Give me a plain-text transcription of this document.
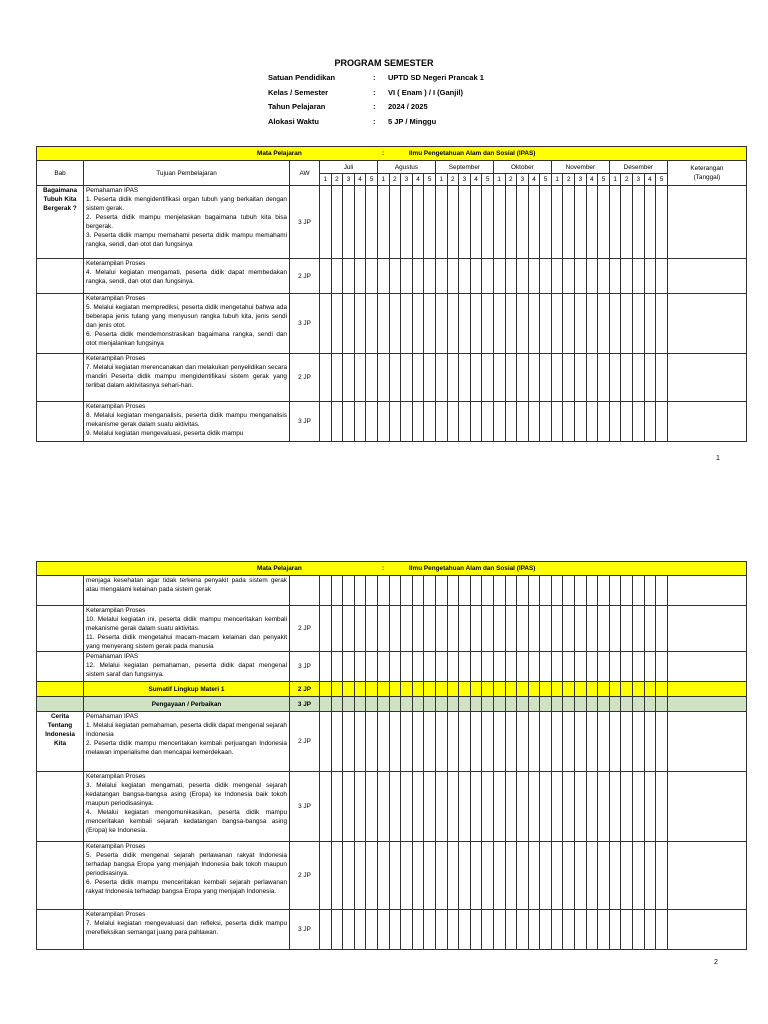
PROGRAM SEMESTER
Satuan Pendidikan	:	UPTD SD Negeri Prancak 1
Kelas / Semester	:	VI ( Enam ) / I (Ganjil)
Tahun Pelajaran	:	2024 / 2025
Alokasi Waktu	:	5 JP / Minggu
Mata Pelajaran : Ilmu Pengetahuan Alam dan Sosial (IPAS)																																	

Bab	Tujuan Pembelajaran	AW	Juli					Agustus					September					Oktober					November					Desember					Keterangan
(Tanggal)

			1	2	3	4	5	1	2	3	4	5	1	2	3	4	5	1	2	3	4	5	1	2	3	4	5	1	2	3	4	5	
Bagaimana Tubuh Kita Bergerak ?	Pemahaman IPAS
1. Peserta didik mengidentifikasi organ tubuh yang berkaitan dengan sistem gerak.
2. Peserta didik mampu menjelaskan bagaimana tubuh kita bisa bergerak.
3. Peserta didik mampu memahami peserta didik mampu memahami rangka, sendi, dan otot dan fungsinya	3 JP																															

	Keterampilan Proses
4. Melalui kegiatan mengamati, peserta didik dapat membedakan rangka, sendi, dan otot dan fungsinya.	2 JP																															

	Keterampilan Proses
5. Melalui kegiatan memprediksi, peserta didik mengetahui bahwa ada beberapa jenis tulang yang menyusun rangka tubuh kita, jenis sendi dan jenis otot.
6. Peserta didik mendemonstrasikan bagaimana rangka, sendi dan otot menjalankan fungsinya	3 JP																															

	Keterampilan Proses
7. Melalui kegiatan merencanakan dan melakukan penyelidikan secara mandiri Peserta didik mampu mengidentifikasi sistem gerak yang terlibat dalam aktivitasnya sehari-hari.	2 JP																															

	Keterampilan Proses
8. Melalui kegiatan menganalisis, peserta didik mampu menganalisis mekanisme gerak dalam suatu aktivitas.
9. Melalui kegiatan mengevaluasi, peserta didik mampu	3 JP																															
1
Mata Pelajaran : Ilmu Pengetahuan Alam dan Sosial (IPAS)																																	

	menjaga kesehatan agar tidak terkena penyakit pada sistem gerak atau mengalami kelainan pada sistem gerak																																

	Keterampilan Proses
10. Melalui kegiatan ini, peserta didik mampu menceritakan kembali mekanisme gerak dalam suatu aktivitas.
11. Peserta didik mengetahui macam-macam kelainan dan penyakit yang menyerang sistem gerak pada manusia	2 JP																															

	Pemahaman IPAS
12. Melalui kegiatan pemahaman, peserta didik dapat mengenal sistem saraf dan fungsinya.	3 JP																															
	Sumatif Lingkup Materi 1	2 JP																															
	Pengayaan / Perbaikan	3 JP																															
Cerita Tentang Indonesia Kita	Pemahaman IPAS
1. Melalui kegiatan pemahaman, peserta didik dapat mengenal sejarah Indonesia
2. Peserta didik mampu menceritakan kembali perjuangan Indonesia melawan imperialisme dan mencapai kemerdekaan.	2 JP																															

	Keterampilan Proses
3. Melalui kegiatan mengamati, peserta didik mengenal sejarah kedatangan bangsa-bangsa asing (Eropa) ke Indonesia baik tokoh maupun periodisasinya.
4. Melalui kegiatan mengomunikasikan, peserta didik mampu menceritakan kembali sejarah kedatangan bangsa-bangsa asing (Eropa) ke Indonesia.	3 JP																															

	Keterampilan Proses
5. Peserta didik mengenal sejarah perlawanan rakyat Indonesia terhadap bangsa Eropa yang menjajah Indonesia baik tokoh maupun periodisasinya.
6. Peserta didik mampu menceritakan kembali sejarah perlawanan rakyat Indonesia terhadap bangsa Eropa yang menjajah Indonesia.	2 JP																															

	Keterampilan Proses
7. Melalui kegiatan mengevaluasi dan refleksi, peserta didik mampu merefleksikan semangat juang para pahlawan.	3 JP																															
2
